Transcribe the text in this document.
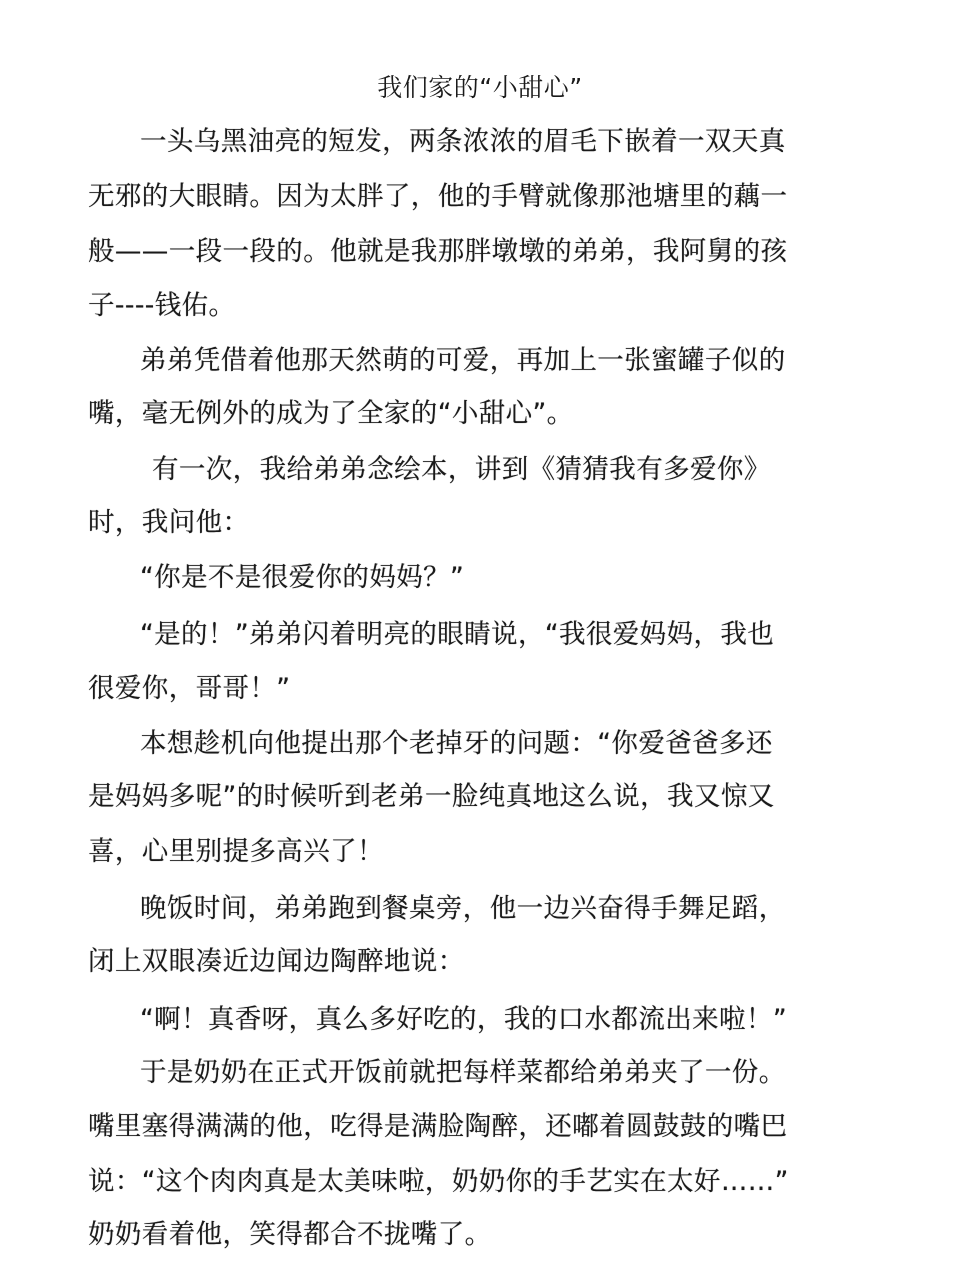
我们家的“小甜心”
一头乌黑油亮的短发，两条浓浓的眉毛下嵌着一双天真
无邪的大眼睛。因为太胖了，他的手臂就像那池塘里的藕一
般——一段一段的。他就是我那胖墩墩的弟弟，我阿舅的孩
子----钱佑。
弟弟凭借着他那天然萌的可爱，再加上一张蜜罐子似的
嘴，毫无例外的成为了全家的“小甜心”。
有一次，我给弟弟念绘本，讲到《猜猜我有多爱你》
时，我问他：
“你是不是很爱你的妈妈？”
“是的！”弟弟闪着明亮的眼睛说，“我很爱妈妈，我也
很爱你，哥哥！”
本想趁机向他提出那个老掉牙的问题：“你爱爸爸多还
是妈妈多呢”的时候听到老弟一脸纯真地这么说，我又惊又
喜，心里别提多高兴了！
晚饭时间，弟弟跑到餐桌旁，他一边兴奋得手舞足蹈，
闭上双眼凑近边闻边陶醉地说：
“啊！真香呀，真么多好吃的，我的口水都流出来啦！”
于是奶奶在正式开饭前就把每样菜都给弟弟夹了一份。
嘴里塞得满满的他，吃得是满脸陶醉，还嘟着圆鼓鼓的嘴巴
说：“这个肉肉真是太美味啦，奶奶你的手艺实在太好……”
奶奶看着他，笑得都合不拢嘴了。
